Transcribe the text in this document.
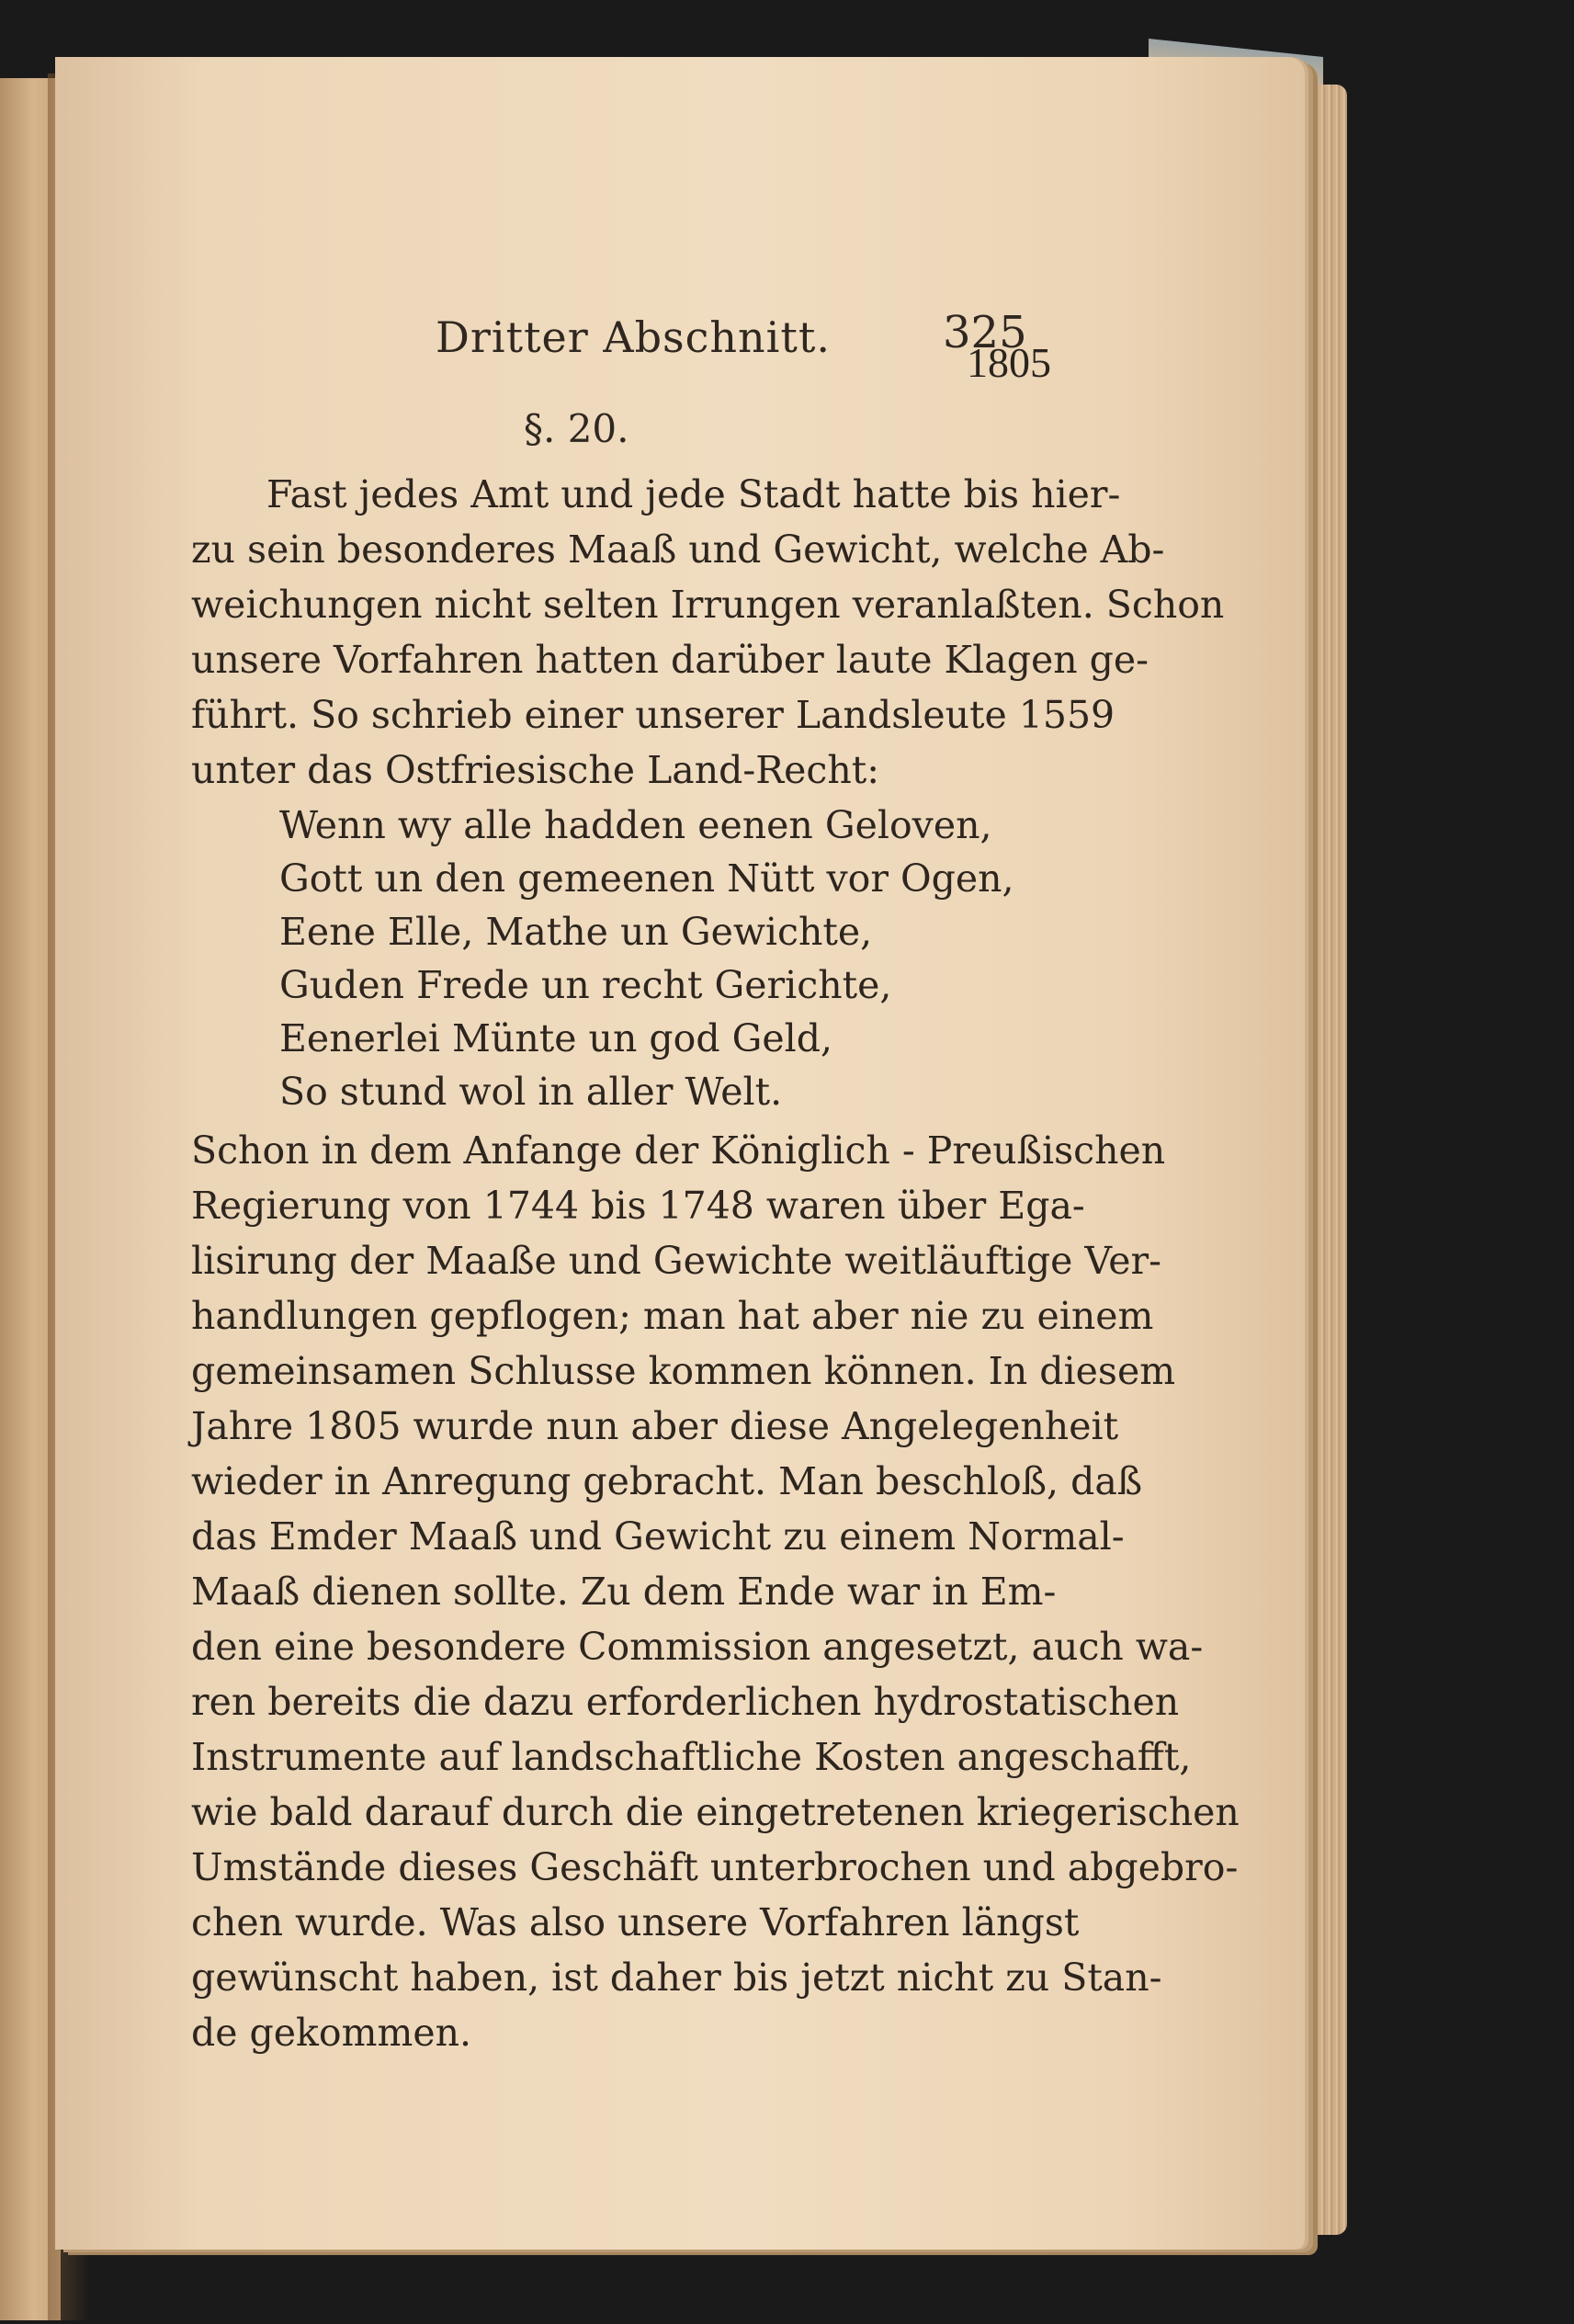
Dritter Abschnitt.	325
§. 20.
Fast jedes Amt und jede Stadt hatte bis hier-
zu sein besonderes Maaß und Gewicht, welche Ab-
weichungen nicht selten Irrungen veranlaßten. Schon
unsere Vorfahren hatten darüber laute Klagen ge-
führt. So schrieb einer unserer Landsleute 1559
unter das Ostfriesische Land-Recht:
Wenn wy alle hadden eenen Geloven,
Gott un den gemeenen Nütt vor Ogen,
Eene Elle, Mathe un Gewichte,
Guden Frede un recht Gerichte,
Eenerlei Münte un god Geld,
So stund wol in aller Welt.
Schon in dem Anfange der Königlich - Preußischen
Regierung von 1744 bis 1748 waren über Ega-
lisirung der Maaße und Gewichte weitläuftige Ver-
handlungen gepflogen; man hat aber nie zu einem
gemeinsamen Schlusse kommen können. In diesem
Jahre 1805 wurde nun aber diese Angelegenheit
wieder in Anregung gebracht. Man beschloß, daß
das Emder Maaß und Gewicht zu einem Normal-
Maaß dienen sollte. Zu dem Ende war in Em-
den eine besondere Commission angesetzt, auch wa-
ren bereits die dazu erforderlichen hydrostatischen
Instrumente auf landschaftliche Kosten angeschafft,
wie bald darauf durch die eingetretenen kriegerischen
Umstände dieses Geschäft unterbrochen und abgebro-
chen wurde. Was also unsere Vorfahren längst
gewünscht haben, ist daher bis jetzt nicht zu Stan-
de gekommen.
1805
